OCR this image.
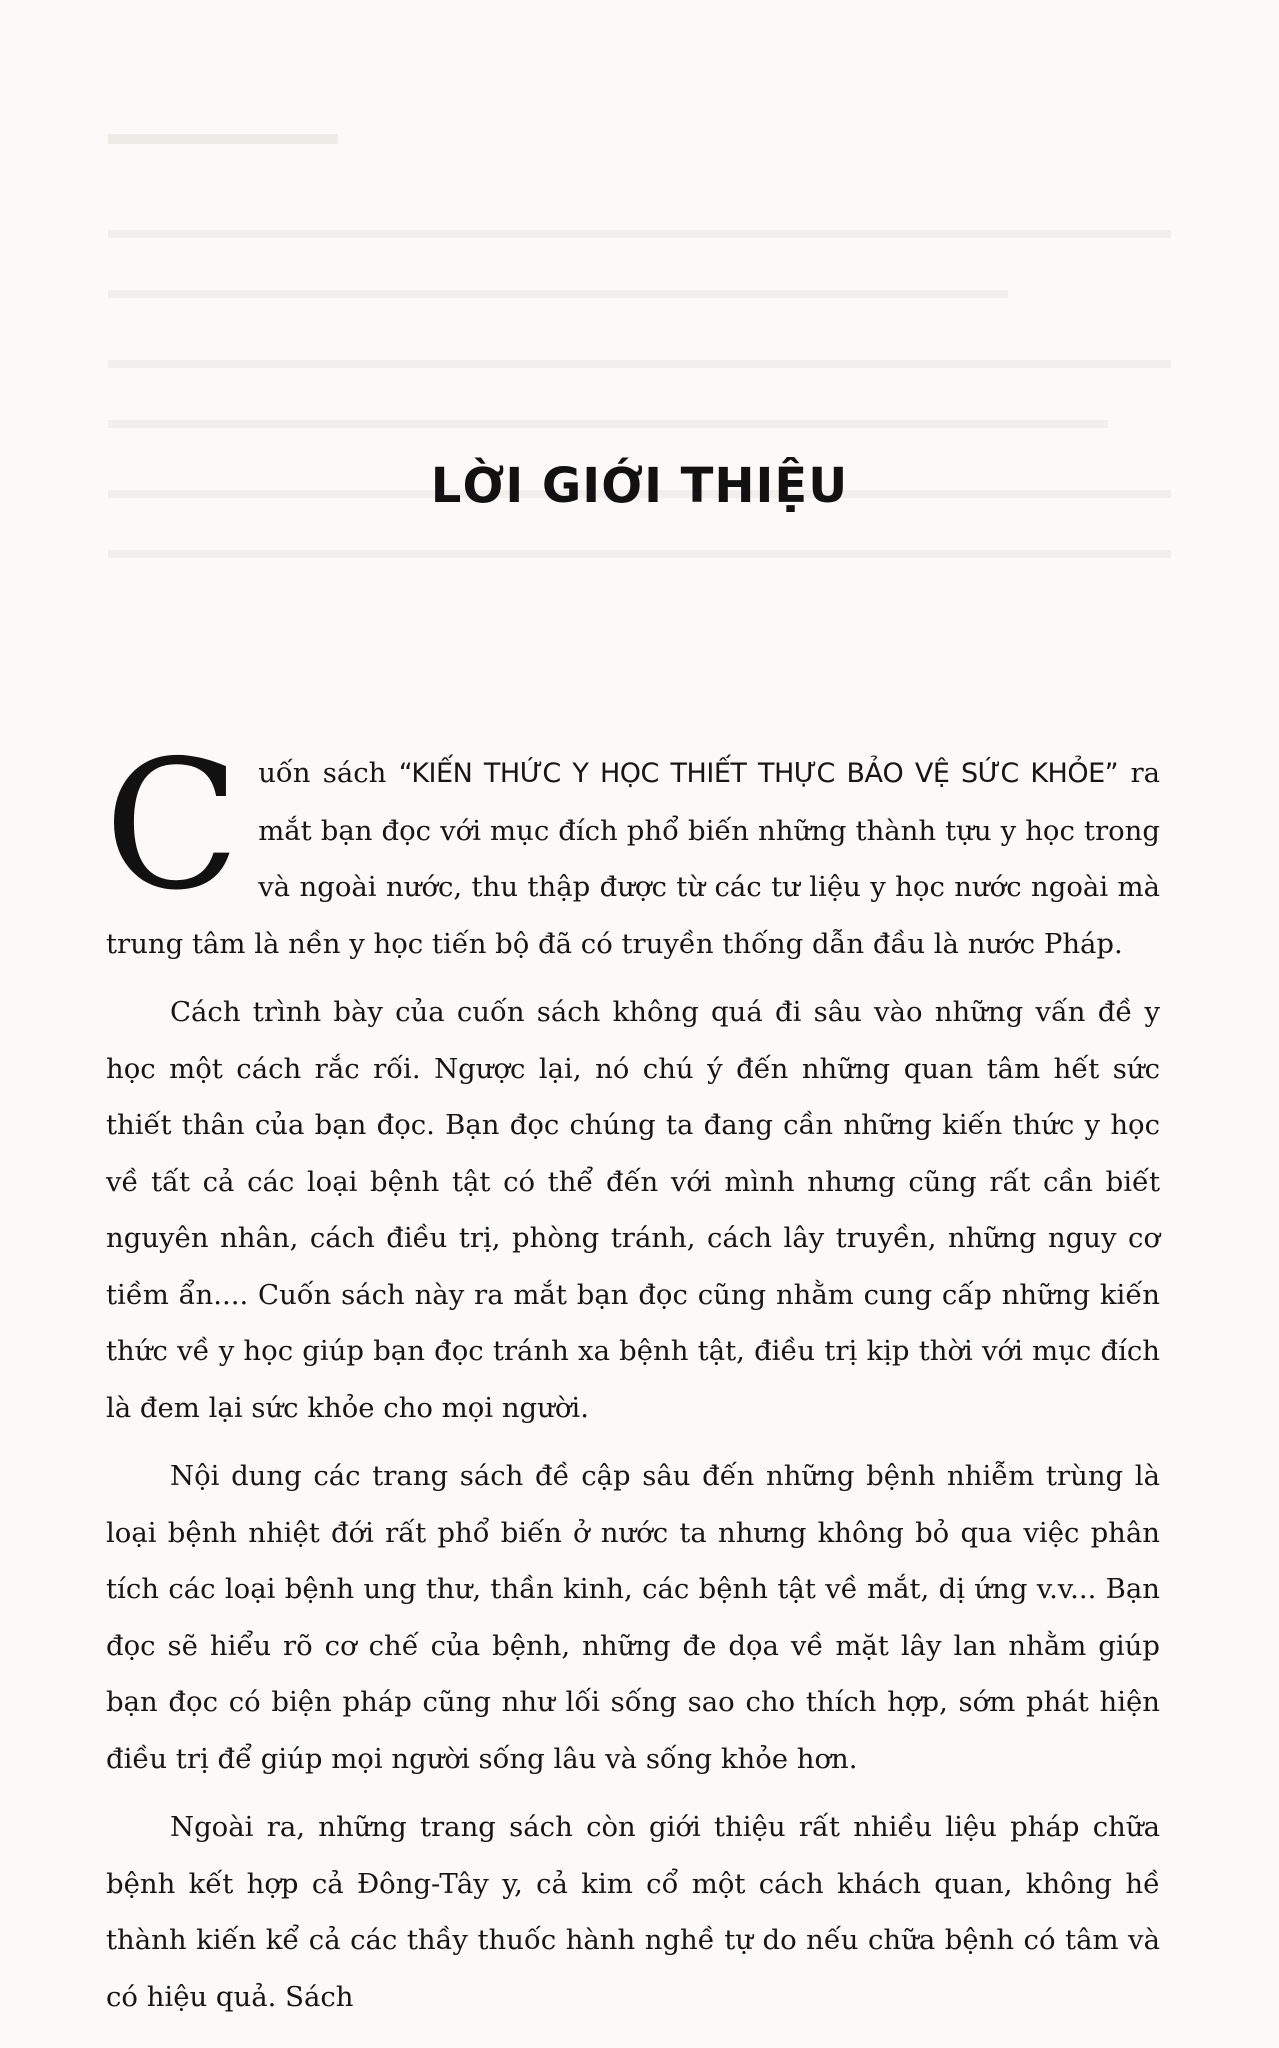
LỜI GIỚI THIỆU

Cuốn sách “KIẾN THỨC Y HỌC THIẾT THỰC BẢO VỆ SỨC KHỎE” ra mắt bạn đọc với mục đích phổ biến những thành tựu y học trong và ngoài nước, thu thập được từ các tư liệu y học nước ngoài mà trung tâm là nền y học tiến bộ đã có truyền thống dẫn đầu là nước Pháp.

Cách trình bày của cuốn sách không quá đi sâu vào những vấn đề y học một cách rắc rối. Ngược lại, nó chú ý đến những quan tâm hết sức thiết thân của bạn đọc. Bạn đọc chúng ta đang cần những kiến thức y học về tất cả các loại bệnh tật có thể đến với mình nhưng cũng rất cần biết nguyên nhân, cách điều trị, phòng tránh, cách lây truyền, những nguy cơ tiềm ẩn.... Cuốn sách này ra mắt bạn đọc cũng nhằm cung cấp những kiến thức về y học giúp bạn đọc tránh xa bệnh tật, điều trị kịp thời với mục đích là đem lại sức khỏe cho mọi người.

Nội dung các trang sách đề cập sâu đến những bệnh nhiễm trùng là loại bệnh nhiệt đới rất phổ biến ở nước ta nhưng không bỏ qua việc phân tích các loại bệnh ung thư, thần kinh, các bệnh tật về mắt, dị ứng v.v... Bạn đọc sẽ hiểu rõ cơ chế của bệnh, những đe dọa về mặt lây lan nhằm giúp bạn đọc có biện pháp cũng như lối sống sao cho thích hợp, sớm phát hiện điều trị để giúp mọi người sống lâu và sống khỏe hơn.

Ngoài ra, những trang sách còn giới thiệu rất nhiều liệu pháp chữa bệnh kết hợp cả Đông-Tây y, cả kim cổ một cách khách quan, không hề thành kiến kể cả các thầy thuốc hành nghề tự do nếu chữa bệnh có tâm và có hiệu quả. Sách
